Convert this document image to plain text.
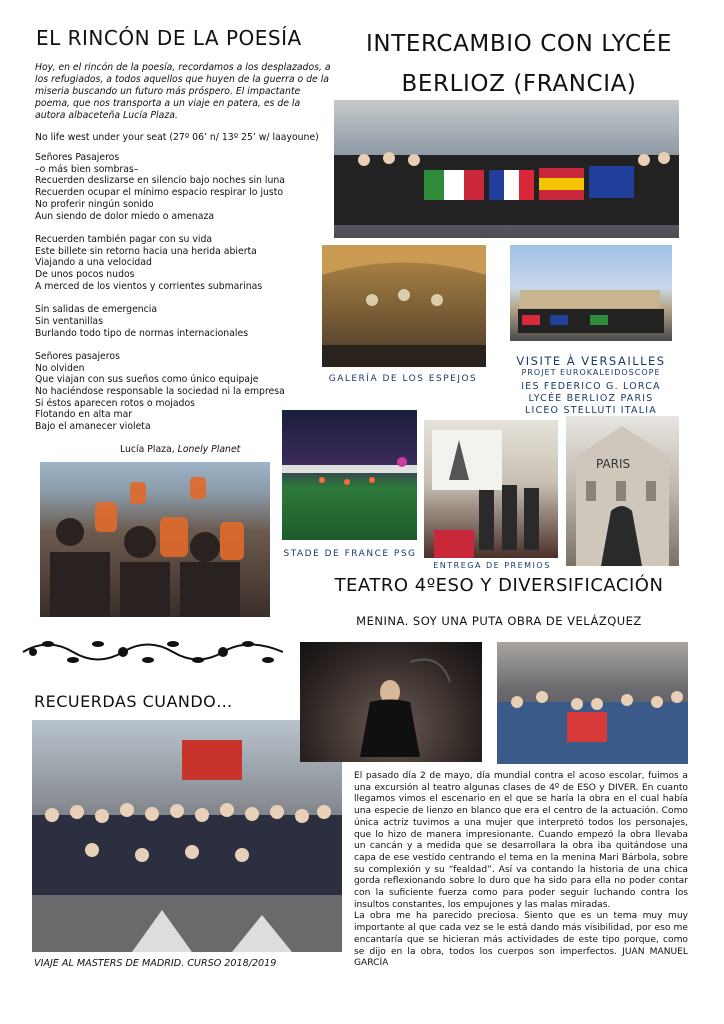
EL RINCÓN DE LA POESÍA
Hoy, en el rincón de la poesía, recordamos a los desplazados, a los refugiados, a todos aquellos que huyen de la guerra o de la miseria buscando un futuro más próspero. El impactante poema, que nos transporta a un viaje en patera, es de la autora albaceteña Lucía Plaza.
No life west under your seat (27º 06’ n/ 13º 25’ w/ laayoune)
Señores Pasajeros
–o más bien sombras–
Recuerden deslizarse en silencio bajo noches sin luna
Recuerden ocupar el mínimo espacio respirar lo justo
No proferir ningún sonido
Aun siendo de dolor miedo o amenaza
Recuerden también pagar con su vida
Este billete sin retorno hacia una herida abierta
Viajando a una velocidad
De unos pocos nudos
A merced de los vientos y corrientes submarinas
Sin salidas de emergencia
Sin ventanillas
Burlando todo tipo de normas internacionales
Señores pasajeros
No olviden
Que viajan con sus sueños como único equipaje
No haciéndose responsable la sociedad ni la empresa
Si éstos aparecen rotos o mojados
Flotando en alta mar
Bajo el amanecer violeta
Lucía Plaza, Lonely Planet
RECUERDAS CUANDO…
VIAJE AL MASTERS DE MADRID. CURSO 2018/2019
INTERCAMBIO CON LYCÉE
BERLIOZ (FRANCIA)
GALERÍA DE LOS ESPEJOS
VISITE À VERSAILLES
PROJET EUROKALEIDOSCOPE
IES FEDERICO G. LORCA
LYCÉE BERLIOZ PARIS
LICEO STELLUTI ITALIA
STADE DE FRANCE PSG
ENTREGA DE PREMIOS
PARIS
TEATRO 4ºESO Y DIVERSIFICACIÓN
MENINA. SOY UNA PUTA OBRA DE VELÁZQUEZ

El pasado día 2 de mayo, día mundial contra el acoso escolar, fuimos a una excursión al teatro algunas clases de 4º de ESO y DIVER. En cuanto llegamos vimos el escenario en el que se haría la obra en el cual había una especie de lienzo en blanco que era el centro de la actuación. Como única actriz tuvimos a una mujer que interpretó todos los personajes, que lo hizo de manera impresionante. Cuando empezó la obra llevaba un cancán y a medida que se desarrollara la obra iba quitándose una capa de ese vestido centrando el tema en la menina Mari Bárbola, sobre su complexión y su “fealdad”. Así va contando la historia de una chica gorda reflexionando sobre lo duro que ha sido para ella no poder contar con la suficiente fuerza como para poder seguir luchando contra los insultos constantes, los empujones y las malas miradas.

La obra me ha parecido preciosa. Siento que es un tema muy muy importante al que cada vez se le está dando más visibilidad, por eso me encantaría que se hicieran más actividades de este tipo porque, como se dijo en la obra, todos los cuerpos son imperfectos. JUAN MANUEL GARCÍA
